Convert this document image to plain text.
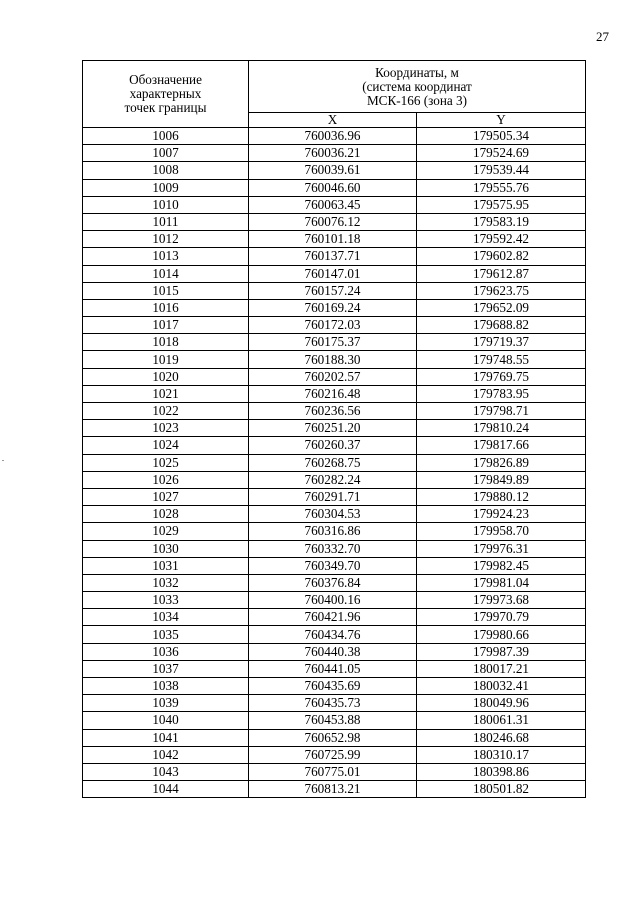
27
Обозначение
характерных
точек границы	Координаты, м
(система координат
МСК-166 (зона 3)	
	X	Y
1006	760036.96	179505.34
1007	760036.21	179524.69
1008	760039.61	179539.44
1009	760046.60	179555.76
1010	760063.45	179575.95
1011	760076.12	179583.19
1012	760101.18	179592.42
1013	760137.71	179602.82
1014	760147.01	179612.87
1015	760157.24	179623.75
1016	760169.24	179652.09
1017	760172.03	179688.82
1018	760175.37	179719.37
1019	760188.30	179748.55
1020	760202.57	179769.75
1021	760216.48	179783.95
1022	760236.56	179798.71
1023	760251.20	179810.24
1024	760260.37	179817.66
1025	760268.75	179826.89
1026	760282.24	179849.89
1027	760291.71	179880.12
1028	760304.53	179924.23
1029	760316.86	179958.70
1030	760332.70	179976.31
1031	760349.70	179982.45
1032	760376.84	179981.04
1033	760400.16	179973.68
1034	760421.96	179970.79
1035	760434.76	179980.66
1036	760440.38	179987.39
1037	760441.05	180017.21
1038	760435.69	180032.41
1039	760435.73	180049.96
1040	760453.88	180061.31
1041	760652.98	180246.68
1042	760725.99	180310.17
1043	760775.01	180398.86
1044	760813.21	180501.82
